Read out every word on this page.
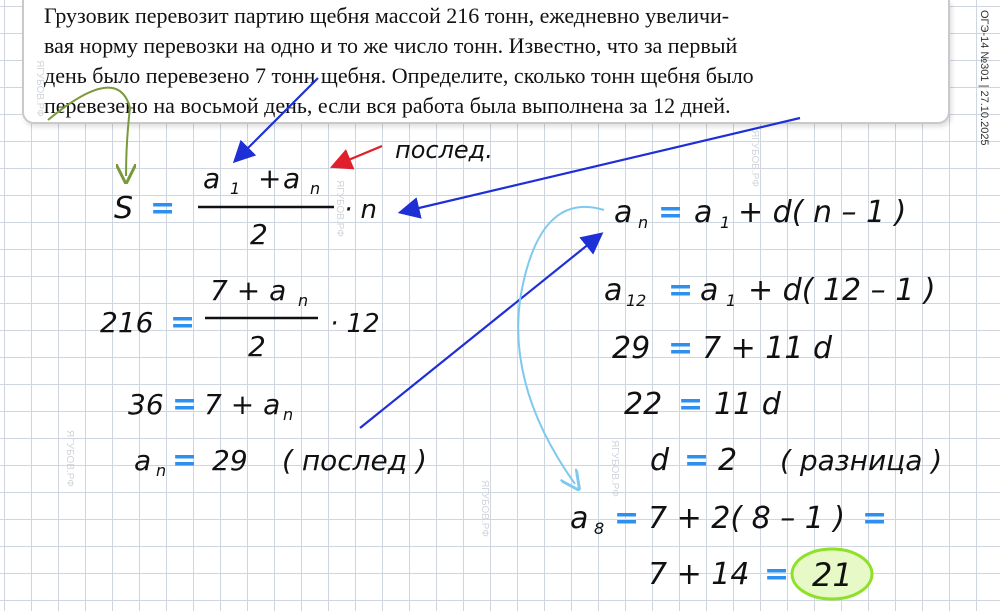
Грузовик перевозит партию щебня массой 216 тонн, ежедневно увеличи-
вая норму перевозки на одно и то же число тонн. Известно, что за первый
день было перевезено 7 тонн щебня. Определите, сколько тонн щебня было
перевезено на восьмой день, если вся работа была выполнена за 12 дней.	ОГЭ-14 №301 | 27.10.2025
ЯГУБОВ.РФ
ЯГУБОВ.РФ
ЯГУБОВ.РФ
ЯГУБОВ.РФ
ЯГУБОВ.РФ
ЯГУБОВ.РФ
послед.
S =
a 1 + a n
2
· n
216 =
7 + a n
2
· 12
36 = 7 + a n
a n = 29 ( послед )
a n = a 1 + d( n – 1 )
a 12 = a 1 + d( 12 – 1 )
29 = 7 + 11 d
22 = 11 d
d = 2 ( разница )
a 8 = 7 + 2( 8 – 1 ) =
7 + 14 = 21
